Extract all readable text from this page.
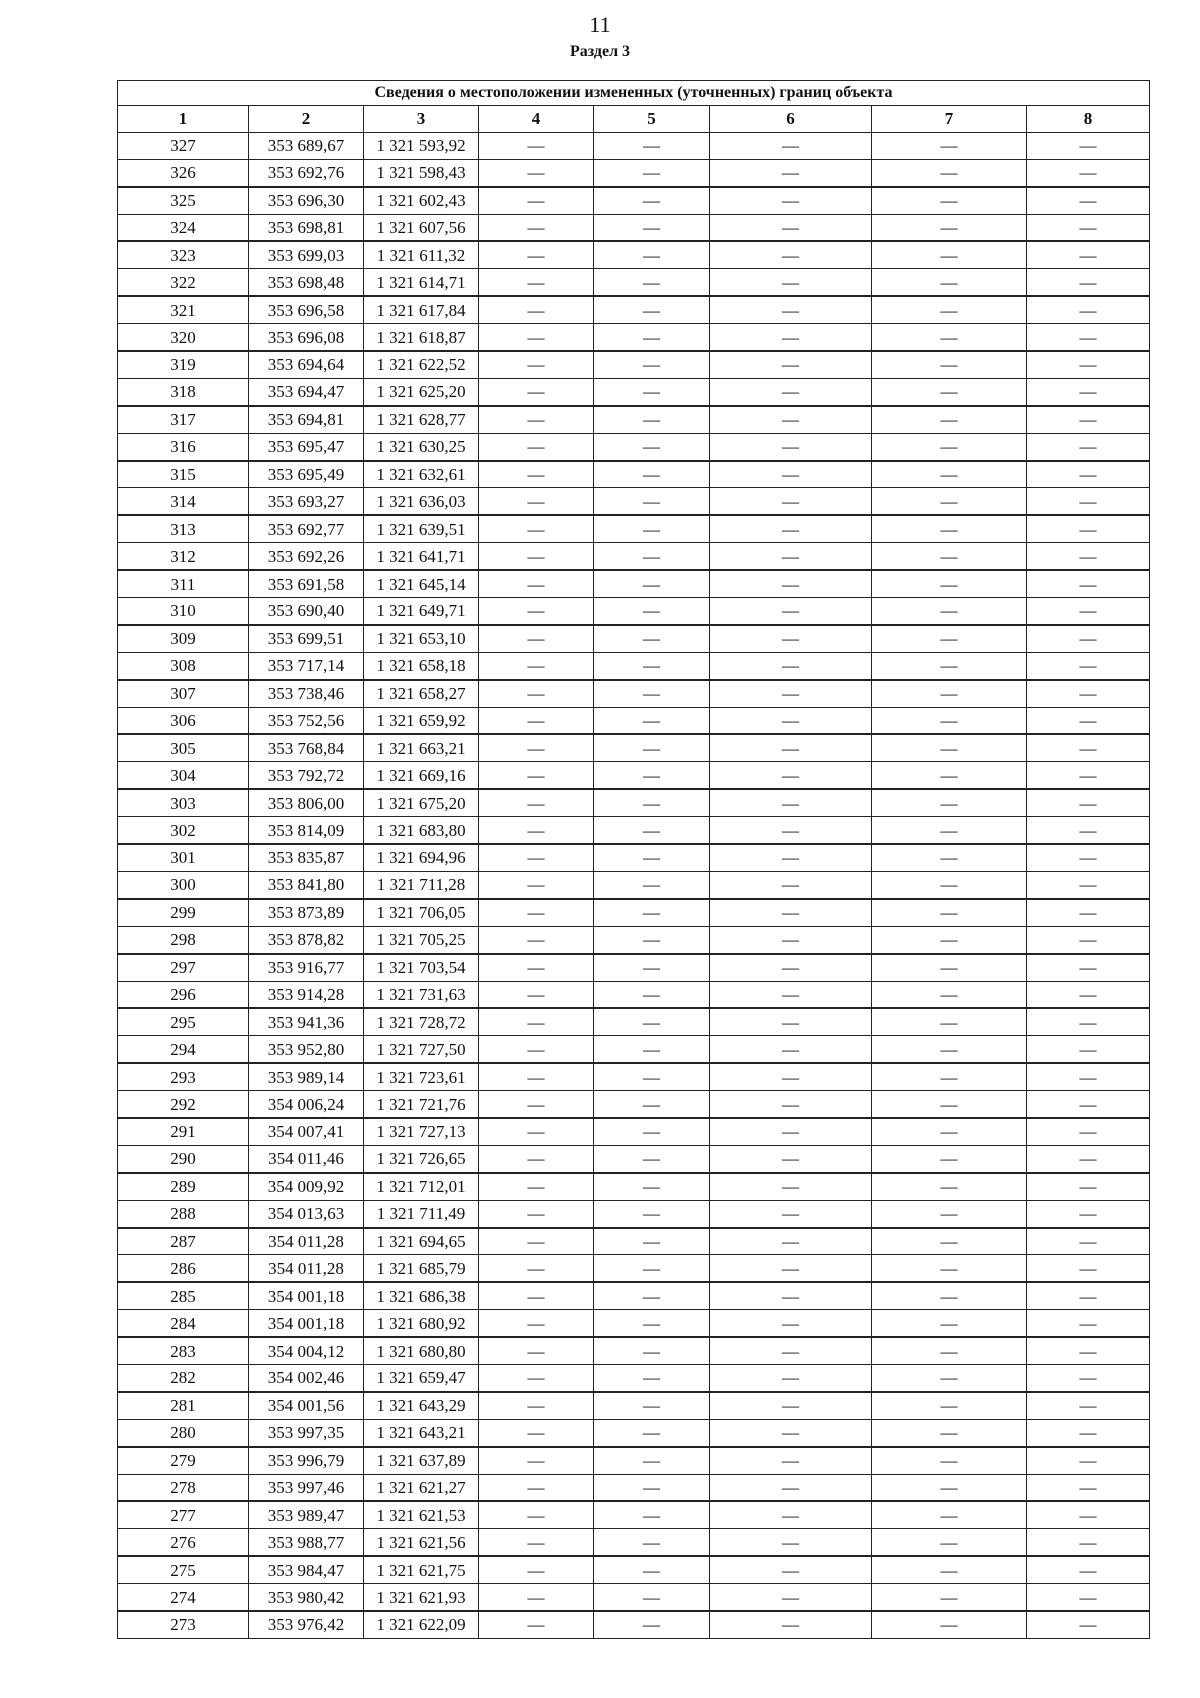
11
Раздел 3
Сведения о местоположении измененных (уточненных) границ объекта							
1	2	3	4	5	6	7	8
327	353 689,67	1 321 593,92	—	—	—	—	—
326	353 692,76	1 321 598,43	—	—	—	—	—
325	353 696,30	1 321 602,43	—	—	—	—	—
324	353 698,81	1 321 607,56	—	—	—	—	—
323	353 699,03	1 321 611,32	—	—	—	—	—
322	353 698,48	1 321 614,71	—	—	—	—	—
321	353 696,58	1 321 617,84	—	—	—	—	—
320	353 696,08	1 321 618,87	—	—	—	—	—
319	353 694,64	1 321 622,52	—	—	—	—	—
318	353 694,47	1 321 625,20	—	—	—	—	—
317	353 694,81	1 321 628,77	—	—	—	—	—
316	353 695,47	1 321 630,25	—	—	—	—	—
315	353 695,49	1 321 632,61	—	—	—	—	—
314	353 693,27	1 321 636,03	—	—	—	—	—
313	353 692,77	1 321 639,51	—	—	—	—	—
312	353 692,26	1 321 641,71	—	—	—	—	—
311	353 691,58	1 321 645,14	—	—	—	—	—
310	353 690,40	1 321 649,71	—	—	—	—	—
309	353 699,51	1 321 653,10	—	—	—	—	—
308	353 717,14	1 321 658,18	—	—	—	—	—
307	353 738,46	1 321 658,27	—	—	—	—	—
306	353 752,56	1 321 659,92	—	—	—	—	—
305	353 768,84	1 321 663,21	—	—	—	—	—
304	353 792,72	1 321 669,16	—	—	—	—	—
303	353 806,00	1 321 675,20	—	—	—	—	—
302	353 814,09	1 321 683,80	—	—	—	—	—
301	353 835,87	1 321 694,96	—	—	—	—	—
300	353 841,80	1 321 711,28	—	—	—	—	—
299	353 873,89	1 321 706,05	—	—	—	—	—
298	353 878,82	1 321 705,25	—	—	—	—	—
297	353 916,77	1 321 703,54	—	—	—	—	—
296	353 914,28	1 321 731,63	—	—	—	—	—
295	353 941,36	1 321 728,72	—	—	—	—	—
294	353 952,80	1 321 727,50	—	—	—	—	—
293	353 989,14	1 321 723,61	—	—	—	—	—
292	354 006,24	1 321 721,76	—	—	—	—	—
291	354 007,41	1 321 727,13	—	—	—	—	—
290	354 011,46	1 321 726,65	—	—	—	—	—
289	354 009,92	1 321 712,01	—	—	—	—	—
288	354 013,63	1 321 711,49	—	—	—	—	—
287	354 011,28	1 321 694,65	—	—	—	—	—
286	354 011,28	1 321 685,79	—	—	—	—	—
285	354 001,18	1 321 686,38	—	—	—	—	—
284	354 001,18	1 321 680,92	—	—	—	—	—
283	354 004,12	1 321 680,80	—	—	—	—	—
282	354 002,46	1 321 659,47	—	—	—	—	—
281	354 001,56	1 321 643,29	—	—	—	—	—
280	353 997,35	1 321 643,21	—	—	—	—	—
279	353 996,79	1 321 637,89	—	—	—	—	—
278	353 997,46	1 321 621,27	—	—	—	—	—
277	353 989,47	1 321 621,53	—	—	—	—	—
276	353 988,77	1 321 621,56	—	—	—	—	—
275	353 984,47	1 321 621,75	—	—	—	—	—
274	353 980,42	1 321 621,93	—	—	—	—	—
273	353 976,42	1 321 622,09	—	—	—	—	—
